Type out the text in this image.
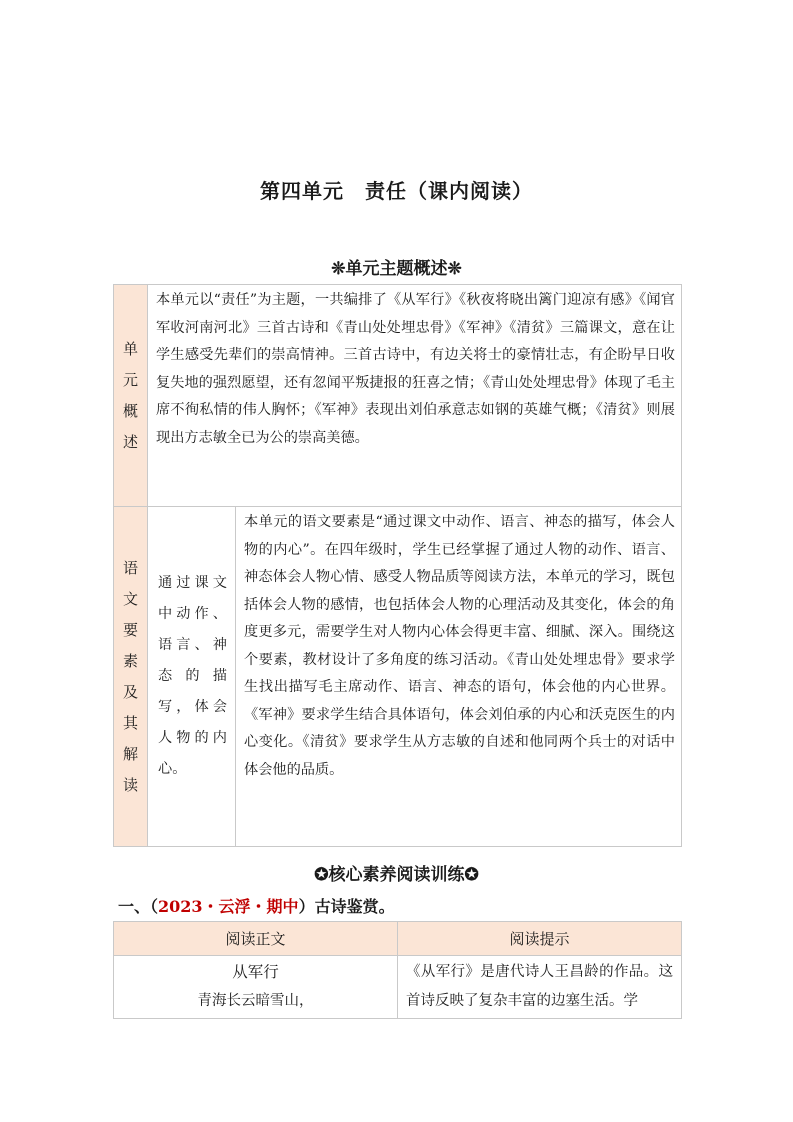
第四单元　责任（课内阅读）
❊单元主题概述❊
单元概述	本单元以“责任”为主题，一共编排了《从军行》《秋夜将晓出篱门迎凉有感》《闻官军收河南河北》三首古诗和《青山处处埋忠骨》《军神》《清贫》三篇课文，意在让学生感受先辈们的崇高情神。三首古诗中，有边关将士的豪情壮志，有企盼早日收复失地的强烈愿望，还有忽闻平叛捷报的狂喜之情；《青山处处埋忠骨》体现了毛主席不徇私情的伟人胸怀；《军神》表现出刘伯承意志如钢的英雄气概；《清贫》则展现出方志敏全已为公的崇高美德。	
语文要素及其解读	通过课文中动作、语言、神态的描写，体会人物的内心。	本单元的语文要素是“通过课文中动作、语言、神态的描写，体会人物的内心”。在四年级时，学生已经掌握了通过人物的动作、语言、神态体会人物心情、感受人物品质等阅读方法，本单元的学习，既包括体会人物的感情，也包括体会人物的心理活动及其变化，体会的角度更多元，需要学生对人物内心体会得更丰富、细腻、深入。围绕这个要素，教材设计了多角度的练习活动。《青山处处埋忠骨》要求学生找出描写毛主席动作、语言、神态的语句，体会他的内心世界。《军神》要求学生结合具体语句，体会刘伯承的内心和沃克医生的内心变化。《清贫》要求学生从方志敏的自述和他同两个兵士的对话中体会他的品质。
✪核心素养阅读训练✪
一、（2023・云浮・期中）古诗鉴赏。
阅读正文	阅读提示

从军行
青海长云暗雪山，	《从军行》是唐代诗人王昌龄的作品。这首诗反映了复杂丰富的边塞生活。学
